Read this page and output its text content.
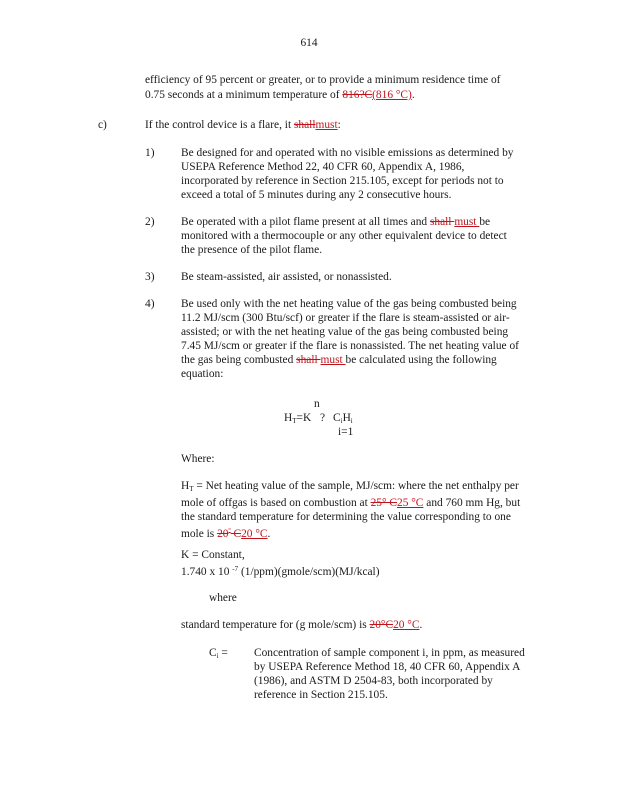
614
efficiency of 95 percent or greater, or to provide a minimum residence time of
0.75 seconds at a minimum temperature of 816?C(816 °C).
c)	If the control device is a flare, it shallmust:
1) Be designed for and operated with no visible emissions as determined by
USEPA Reference Method 22, 40 CFR 60, Appendix A, 1986,
incorporated by reference in Section 215.105, except for periods not to
exceed a total of 5 minutes during any 2 consecutive hours.
2) Be operated with a pilot flame present at all times and shall must be
monitored with a thermocouple or any other equivalent device to detect
the presence of the pilot flame.
3) Be steam-assisted, air assisted, or nonassisted.
4) Be used only with the net heating value of the gas being combusted being
11.2 MJ/scm (300 Btu/scf) or greater if the flare is steam-assisted or air-
assisted; or with the net heating value of the gas being combusted being
7.45 MJ/scm or greater if the flare is nonassisted. The net heating value of
the gas being combusted shall must be calculated using the following
equation:
n
$H_T=K$ ? $C_iH_i$
i=1
Where:
$H_T$ = Net heating value of the sample, MJ/scm: where the net enthalpy per
mole of offgas is based on combustion at 25° C25 °C and 760 mm Hg, but
the standard temperature for determining the value corresponding to one
mole is $20^º$ C20 °C.
K = Constant,
1.740 x 10 $^{-7}$ (1/ppm)(gmole/scm)(MJ/kcal)
where
standard temperature for (g mole/scm) is 20°C20 °C.
$C_i$ = Concentration of sample component i, in ppm, as measured
by USEPA Reference Method 18, 40 CFR 60, Appendix A
(1986), and ASTM D 2504-83, both incorporated by
reference in Section 215.105.
